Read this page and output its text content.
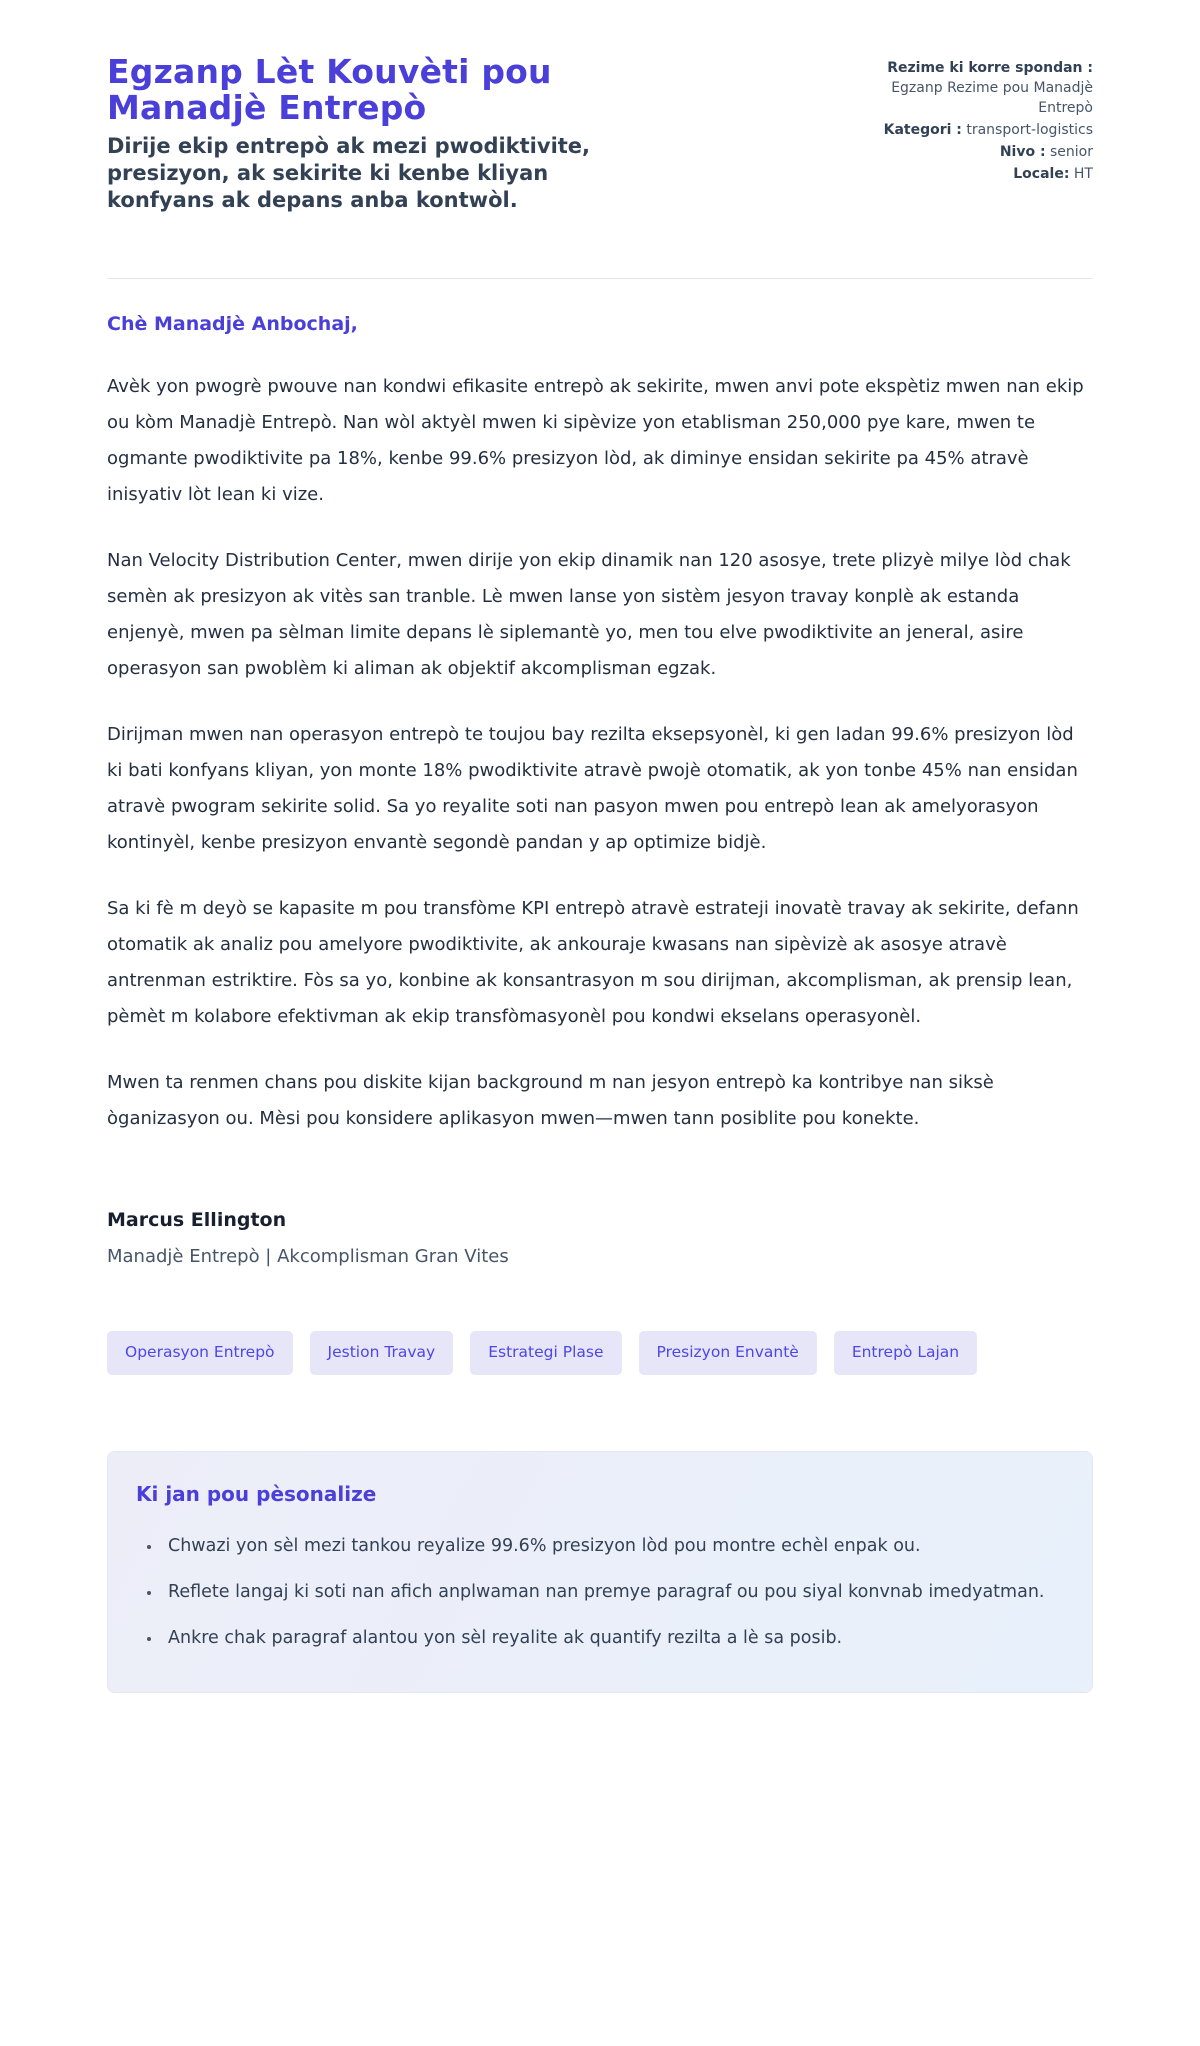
Egzanp Lèt Kouvèti pou Manadjè Entrepò

Dirije ekip entrepò ak mezi pwodiktivite, presizyon, ak sekirite ki kenbe kliyan konfyans ak depans anba kontwòl.

Rezime ki korre spondan : Egzanp Rezime pou Manadjè Entrepò
Kategori : transport-logistics
Nivo : senior
Locale: HT

Chè Manadjè Anbochaj,

Avèk yon pwogrè pwouve nan kondwi efikasite entrepò ak sekirite, mwen anvi pote ekspètiz mwen nan ekip ou kòm Manadjè Entrepò. Nan wòl aktyèl mwen ki sipèvize yon etablisman 250,000 pye kare, mwen te ogmante pwodiktivite pa 18%, kenbe 99.6% presizyon lòd, ak diminye ensidan sekirite pa 45% atravè inisyativ lòt lean ki vize.

Nan Velocity Distribution Center, mwen dirije yon ekip dinamik nan 120 asosye, trete plizyè milye lòd chak semèn ak presizyon ak vitès san tranble. Lè mwen lanse yon sistèm jesyon travay konplè ak estanda enjenyè, mwen pa sèlman limite depans lè siplemantè yo, men tou elve pwodiktivite an jeneral, asire operasyon san pwoblèm ki aliman ak objektif akcomplisman egzak.

Dirijman mwen nan operasyon entrepò te toujou bay rezilta eksepsyonèl, ki gen ladan 99.6% presizyon lòd ki bati konfyans kliyan, yon monte 18% pwodiktivite atravè pwojè otomatik, ak yon tonbe 45% nan ensidan atravè pwogram sekirite solid. Sa yo reyalite soti nan pasyon mwen pou entrepò lean ak amelyorasyon kontinyèl, kenbe presizyon envantè segondè pandan y ap optimize bidjè.

Sa ki fè m deyò se kapasite m pou transfòme KPI entrepò atravè estrateji inovatè travay ak sekirite, defann otomatik ak analiz pou amelyore pwodiktivite, ak ankouraje kwasans nan sipèvizè ak asosye atravè antrenman estriktire. Fòs sa yo, konbine ak konsantrasyon m sou dirijman, akcomplisman, ak prensip lean, pèmèt m kolabore efektivman ak ekip transfòmasyonèl pou kondwi ekselans operasyonèl.

Mwen ta renmen chans pou diskite kijan background m nan jesyon entrepò ka kontribye nan siksè òganizasyon ou. Mèsi pou konsidere aplikasyon mwen—mwen tann posiblite pou konekte.

Marcus Ellington
Manadjè Entrepò | Akcomplisman Gran Vites
Operasyon Entrepò	Jestion Travay	Estrategi Plase	Presizyon Envantè	Entrepò Lajan
Ki jan pou pèsonalize
• Chwazi yon sèl mezi tankou reyalize 99.6% presizyon lòd pou montre echèl enpak ou.
• Reflete langaj ki soti nan afich anplwaman nan premye paragraf ou pou siyal konvnab imedyatman.
• Ankre chak paragraf alantou yon sèl reyalite ak quantify rezilta a lè sa posib.
